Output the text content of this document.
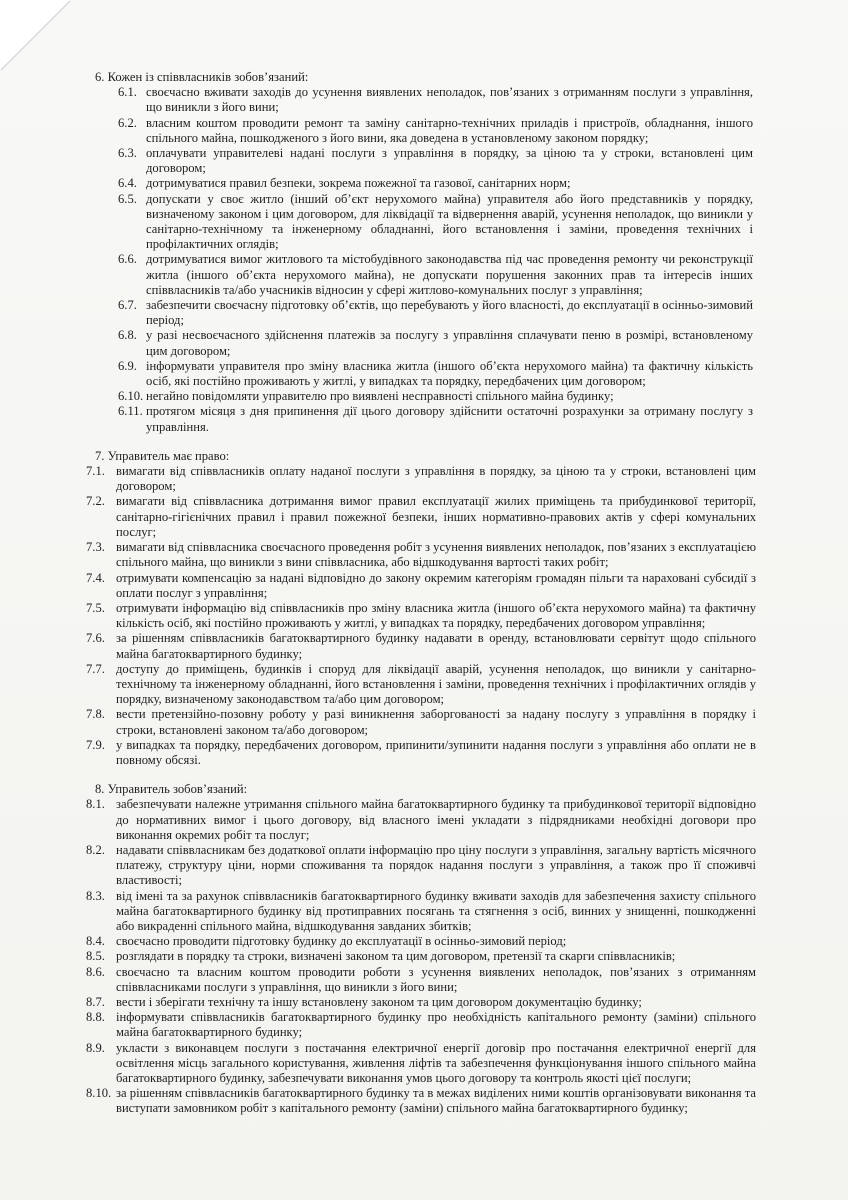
6. Кожен із співвласників зобов’язаний:

6.1. своєчасно вживати заходів до усунення виявлених неполадок, пов’язаних з отриманням послуги з управління, що виникли з його вини;
6.2. власним коштом проводити ремонт та заміну санітарно-технічних приладів і пристроїв, обладнання, іншого спільного майна, пошкодженого з його вини, яка доведена в установленому законом порядку;
6.3. оплачувати управителеві надані послуги з управління в порядку, за ціною та у строки, встановлені цим договором;
6.4. дотримуватися правил безпеки, зокрема пожежної та газової, санітарних норм;
6.5. допускати у своє житло (інший об’єкт нерухомого майна) управителя або його представників у порядку, визначеному законом і цим договором, для ліквідації та відвернення аварій, усунення неполадок, що виникли у санітарно-технічному та інженерному обладнанні, його встановлення і заміни, проведення технічних і профілактичних оглядів;
6.6. дотримуватися вимог житлового та містобудівного законодавства під час проведення ремонту чи реконструкції житла (іншого об’єкта нерухомого майна), не допускати порушення законних прав та інтересів інших співвласників та/або учасників відносин у сфері житлово-комунальних послуг з управління;
6.7. забезпечити своєчасну підготовку об’єктів, що перебувають у його власності, до експлуатації в осінньо-зимовий період;
6.8. у разі несвоєчасного здійснення платежів за послугу з управління сплачувати пеню в розмірі, встановленому цим договором;
6.9. інформувати управителя про зміну власника житла (іншого об’єкта нерухомого майна) та фактичну кількість осіб, які постійно проживають у житлі, у випадках та порядку, передбачених цим договором;
6.10. негайно повідомляти управителю про виявлені несправності спільного майна будинку;
6.11. протягом місяця з дня припинення дії цього договору здійснити остаточні розрахунки за отриману послугу з управління.

7. Управитель має право:

7.1. вимагати від співвласників оплату наданої послуги з управління в порядку, за ціною та у строки, встановлені цим договором;
7.2. вимагати від співвласника дотримання вимог правил експлуатації жилих приміщень та прибудинкової території, санітарно-гігієнічних правил і правил пожежної безпеки, інших нормативно-правових актів у сфері комунальних послуг;
7.3. вимагати від співвласника своєчасного проведення робіт з усунення виявлених неполадок, пов’язаних з експлуатацією спільного майна, що виникли з вини співвласника, або відшкодування вартості таких робіт;
7.4. отримувати компенсацію за надані відповідно до закону окремим категоріям громадян пільги та нараховані субсидії з оплати послуг з управління;
7.5. отримувати інформацію від співвласників про зміну власника житла (іншого об’єкта нерухомого майна) та фактичну кількість осіб, які постійно проживають у житлі, у випадках та порядку, передбачених договором управління;
7.6. за рішенням співвласників багатоквартирного будинку надавати в оренду, встановлювати сервітут щодо спільного майна багатоквартирного будинку;
7.7. доступу до приміщень, будинків і споруд для ліквідації аварій, усунення неполадок, що виникли у санітарно-технічному та інженерному обладнанні, його встановлення і заміни, проведення технічних і профілактичних оглядів у порядку, визначеному законодавством та/або цим договором;
7.8. вести претензійно-позовну роботу у разі виникнення заборгованості за надану послугу з управління в порядку і строки, встановлені законом та/або договором;
7.9. у випадках та порядку, передбачених договором, припинити/зупинити надання послуги з управління або оплати не в повному обсязі.

8. Управитель зобов’язаний:

8.1. забезпечувати належне утримання спільного майна багатоквартирного будинку та прибудинкової території відповідно до нормативних вимог і цього договору, від власного імені укладати з підрядниками необхідні договори про виконання окремих робіт та послуг;
8.2. надавати співвласникам без додаткової оплати інформацію про ціну послуги з управління, загальну вартість місячного платежу, структуру ціни, норми споживання та порядок надання послуги з управління, а також про її споживчі властивості;
8.3. від імені та за рахунок співвласників багатоквартирного будинку вживати заходів для забезпечення захисту спільного майна багатоквартирного будинку від протиправних посягань та стягнення з осіб, винних у знищенні, пошкодженні або викраденні спільного майна, відшкодування завданих збитків;
8.4. своєчасно проводити підготовку будинку до експлуатації в осінньо-зимовий період;
8.5. розглядати в порядку та строки, визначені законом та цим договором, претензії та скарги співвласників;
8.6. своєчасно та власним коштом проводити роботи з усунення виявлених неполадок, пов’язаних з отриманням співвласниками послуги з управління, що виникли з його вини;
8.7. вести і зберігати технічну та іншу встановлену законом та цим договором документацію будинку;
8.8. інформувати співвласників багатоквартирного будинку про необхідність капітального ремонту (заміни) спільного майна багатоквартирного будинку;
8.9. укласти з виконавцем послуги з постачання електричної енергії договір про постачання електричної енергії для освітлення місць загального користування, живлення ліфтів та забезпечення функціонування іншого спільного майна багатоквартирного будинку, забезпечувати виконання умов цього договору та контроль якості цієї послуги;
8.10. за рішенням співвласників багатоквартирного будинку та в межах виділених ними коштів організовувати виконання та виступати замовником робіт з капітального ремонту (заміни) спільного майна багатоквартирного будинку;
